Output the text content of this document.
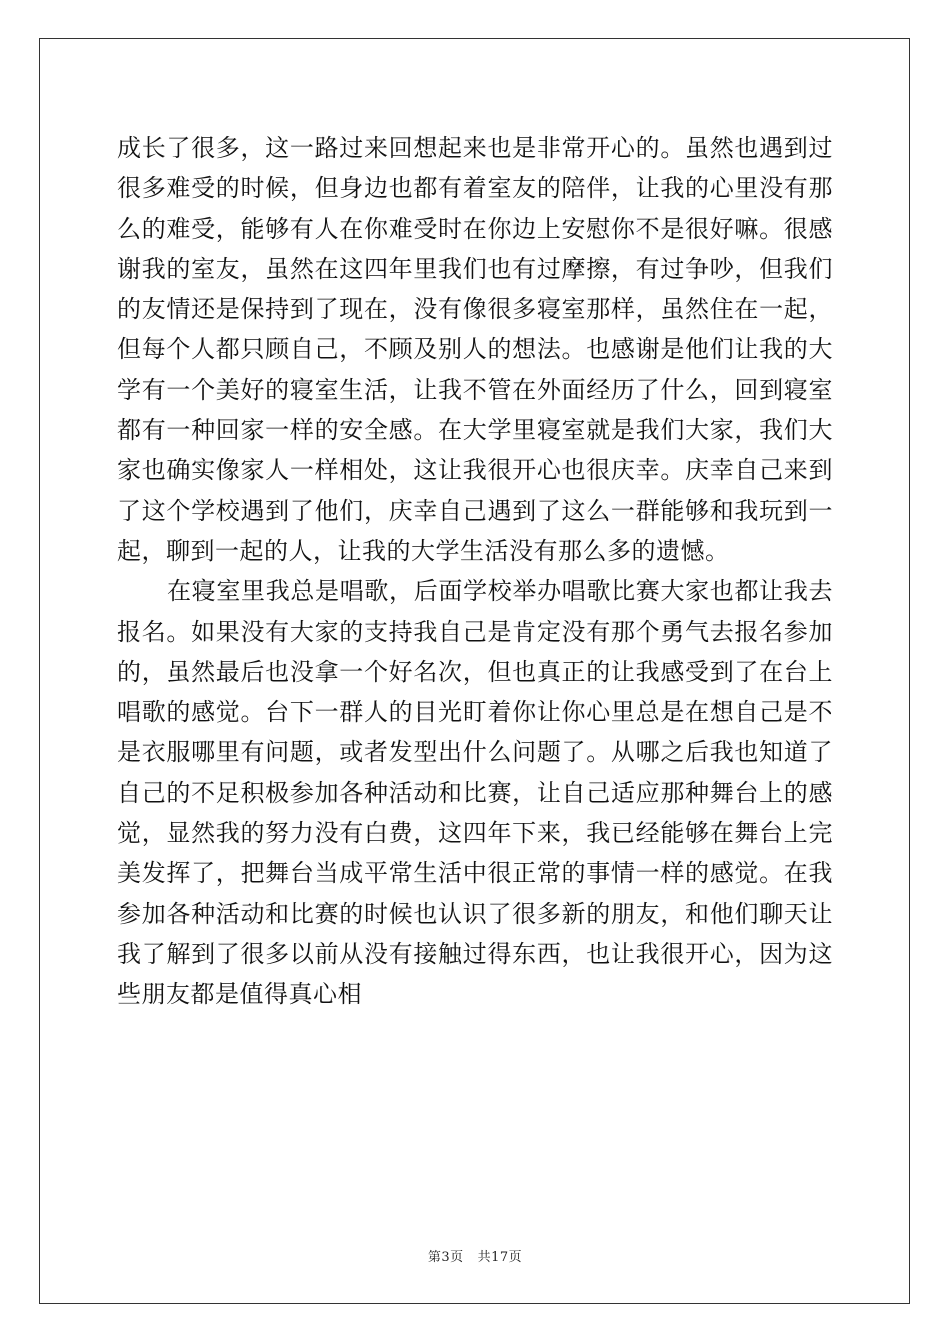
成长了很多，这一路过来回想起来也是非常开心的。虽然也遇到过很多难受的时候，但身边也都有着室友的陪伴，让我的心里没有那么的难受，能够有人在你难受时在你边上安慰你不是很好嘛。很感谢我的室友，虽然在这四年里我们也有过摩擦，有过争吵，但我们的友情还是保持到了现在，没有像很多寝室那样，虽然住在一起，但每个人都只顾自己，不顾及别人的想法。也感谢是他们让我的大学有一个美好的寝室生活，让我不管在外面经历了什么，回到寝室都有一种回家一样的安全感。在大学里寝室就是我们大家，我们大家也确实像家人一样相处，这让我很开心也很庆幸。庆幸自己来到了这个学校遇到了他们，庆幸自己遇到了这么一群能够和我玩到一起，聊到一起的人，让我的大学生活没有那么多的遗憾。

在寝室里我总是唱歌，后面学校举办唱歌比赛大家也都让我去报名。如果没有大家的支持我自己是肯定没有那个勇气去报名参加的，虽然最后也没拿一个好名次，但也真正的让我感受到了在台上唱歌的感觉。台下一群人的目光盯着你让你心里总是在想自己是不是衣服哪里有问题，或者发型出什么问题了。从哪之后我也知道了自己的不足积极参加各种活动和比赛，让自己适应那种舞台上的感觉，显然我的努力没有白费，这四年下来，我已经能够在舞台上完美发挥了，把舞台当成平常生活中很正常的事情一样的感觉。在我参加各种活动和比赛的时候也认识了很多新的朋友，和他们聊天让我了解到了很多以前从没有接触过得东西，也让我很开心，因为这些朋友都是值得真心相

第3页 共17页
